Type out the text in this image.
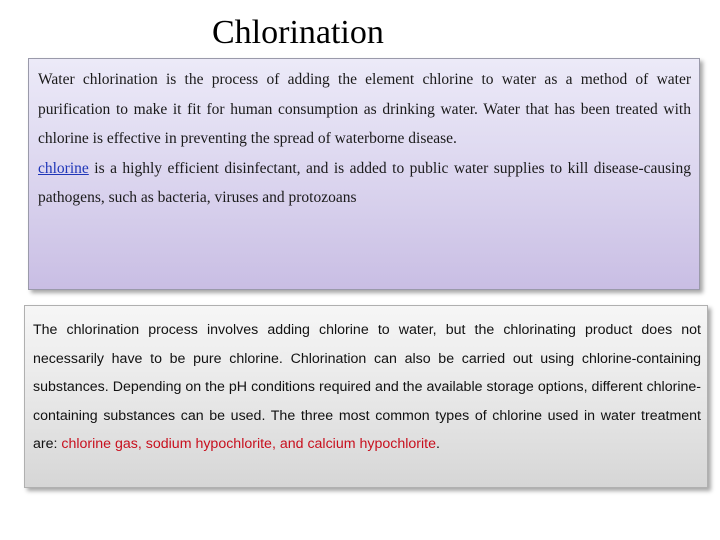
Chlorination

Water chlorination is the process of adding the element chlorine to water as a method of water purification to make it fit for human consumption as drinking water. Water that has been treated with chlorine is effective in preventing the spread of waterborne disease.

chlorine is a highly efficient disinfectant, and is added to public water supplies to kill disease-causing pathogens, such as bacteria, viruses and protozoans

The chlorination process involves adding chlorine to water, but the chlorinating product does not necessarily have to be pure chlorine. Chlorination can also be carried out using chlorine-containing substances. Depending on the pH conditions required and the available storage options, different chlorine-containing substances can be used. The three most common types of chlorine used in water treatment are: chlorine gas, sodium hypochlorite, and calcium hypochlorite.
